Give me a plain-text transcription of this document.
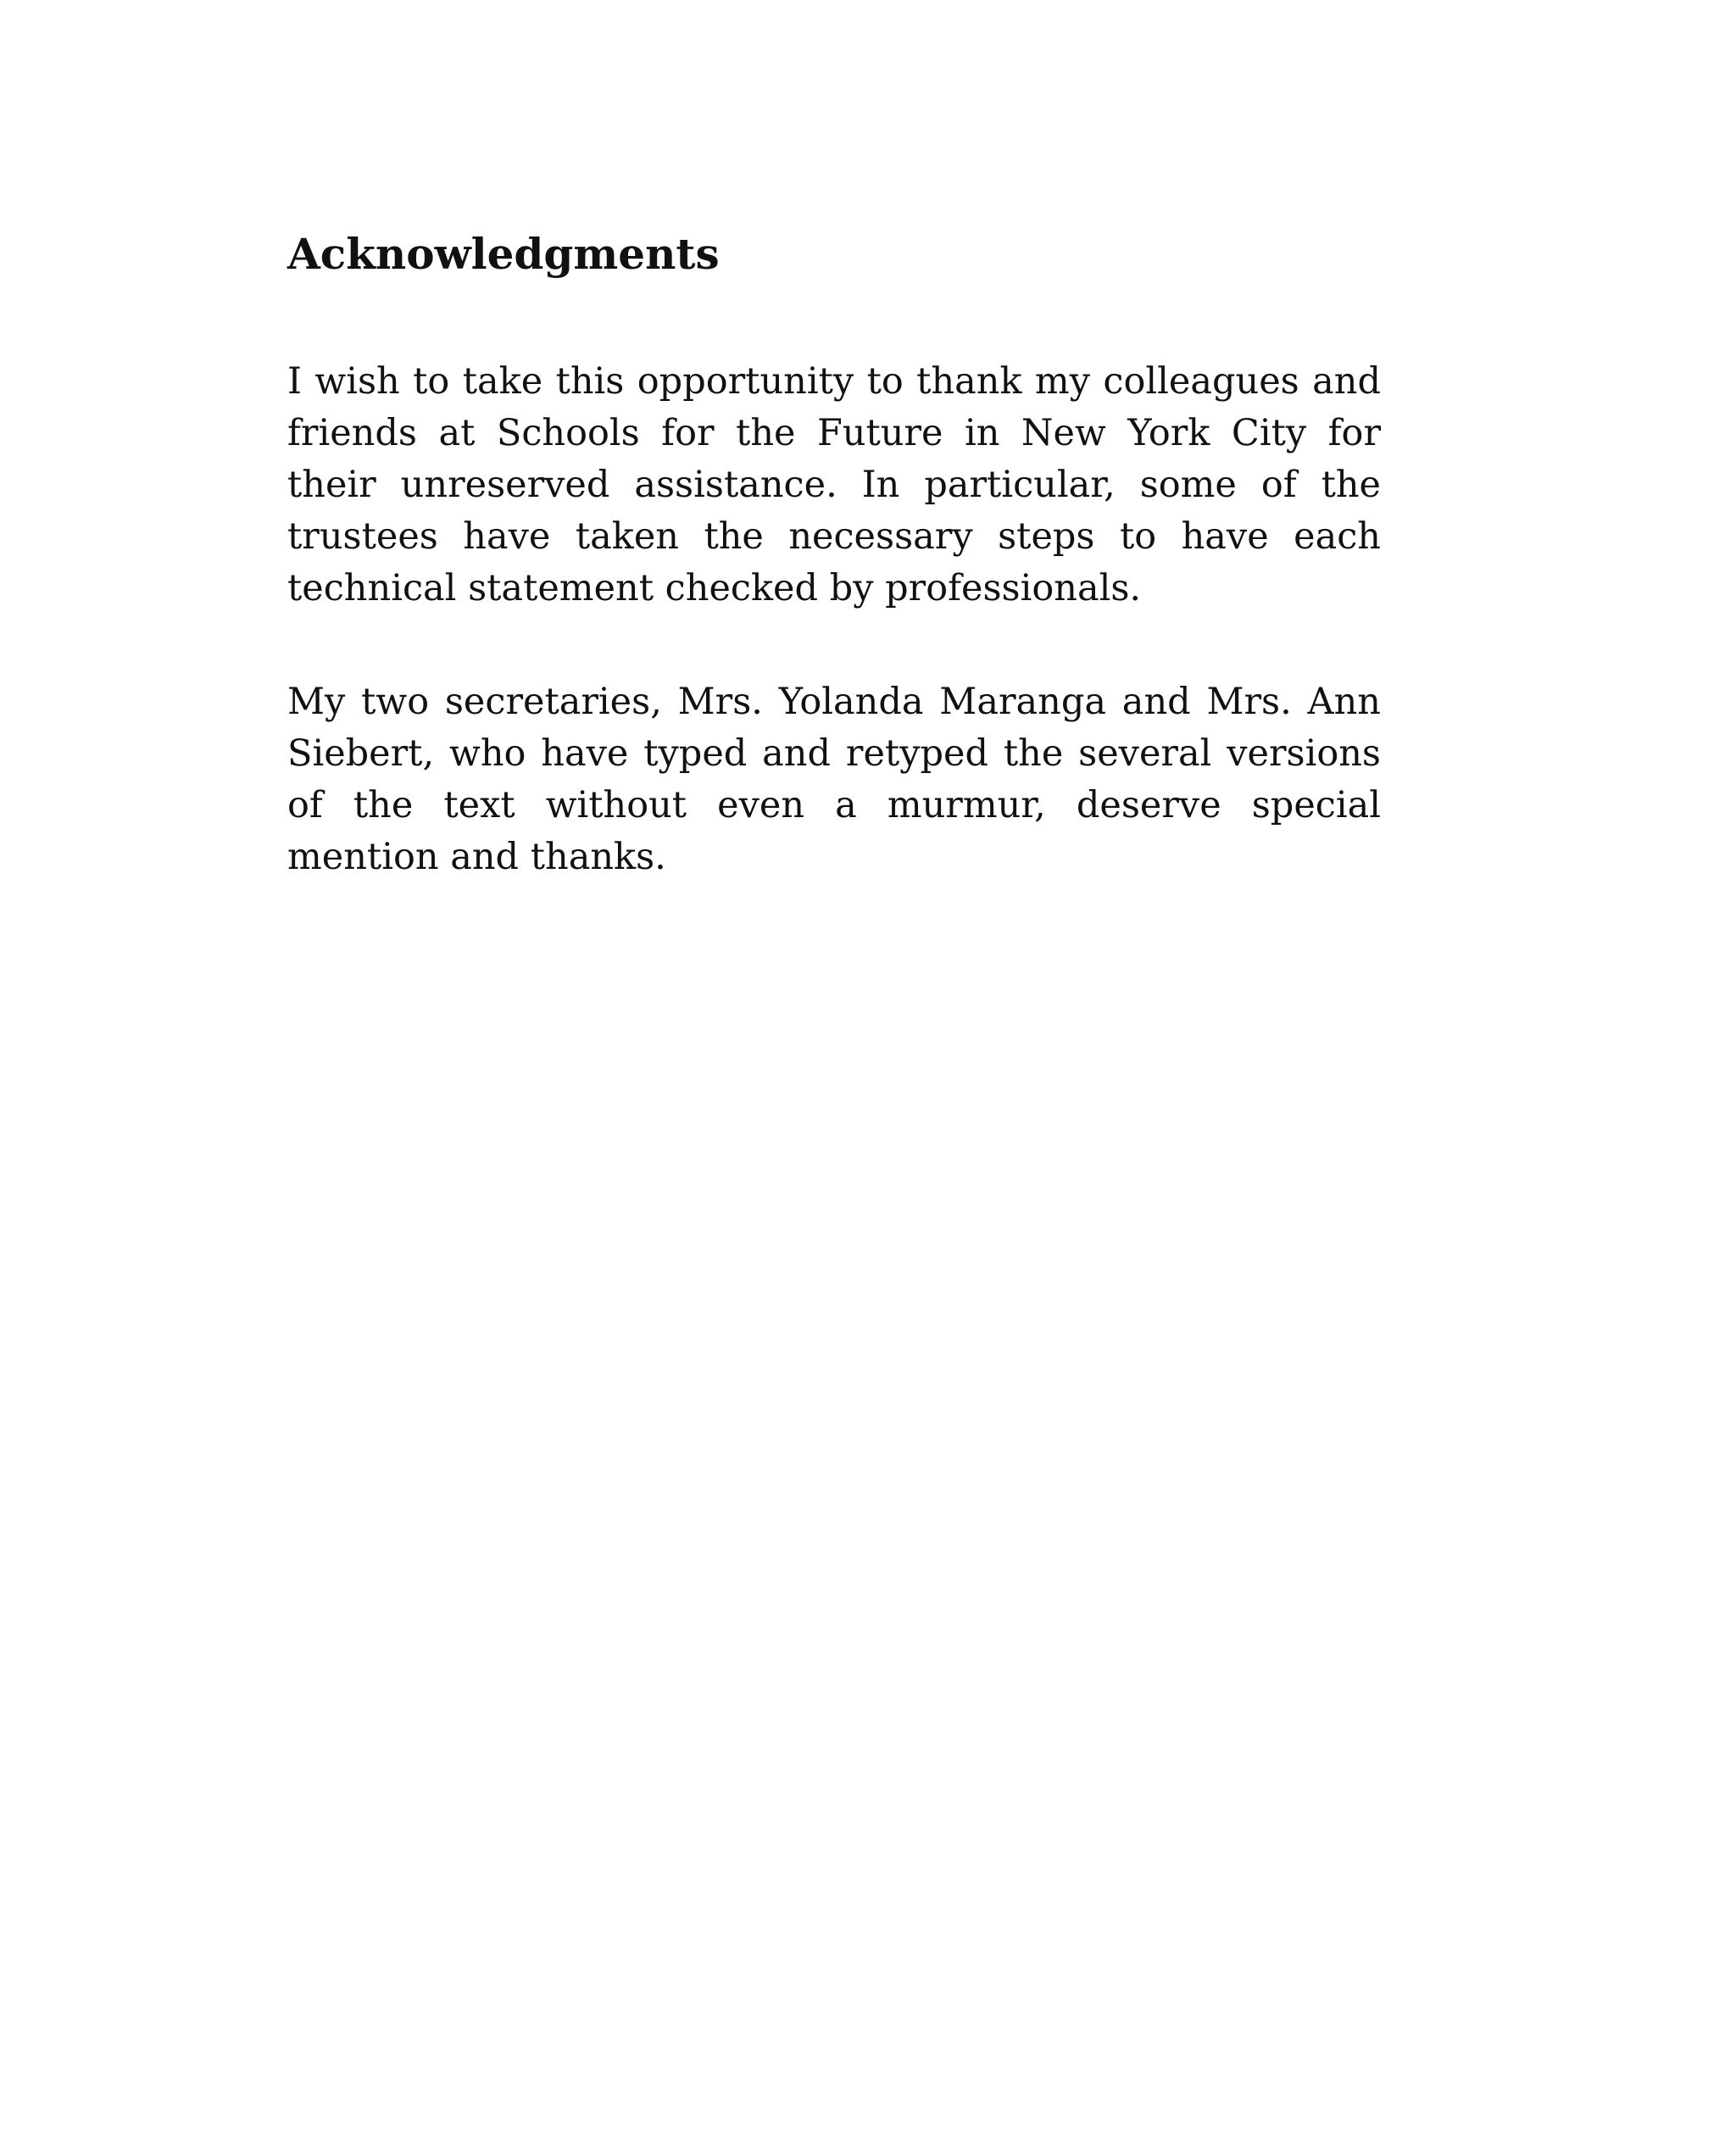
Acknowledgments

I wish to take this opportunity to thank my colleagues and friends at Schools for the Future in New York City for their unreserved assistance. In particular, some of the trustees have taken the necessary steps to have each technical statement checked by professionals.

My two secretaries, Mrs. Yolanda Maranga and Mrs. Ann Siebert, who have typed and retyped the several versions of the text without even a murmur, deserve special mention and thanks.
